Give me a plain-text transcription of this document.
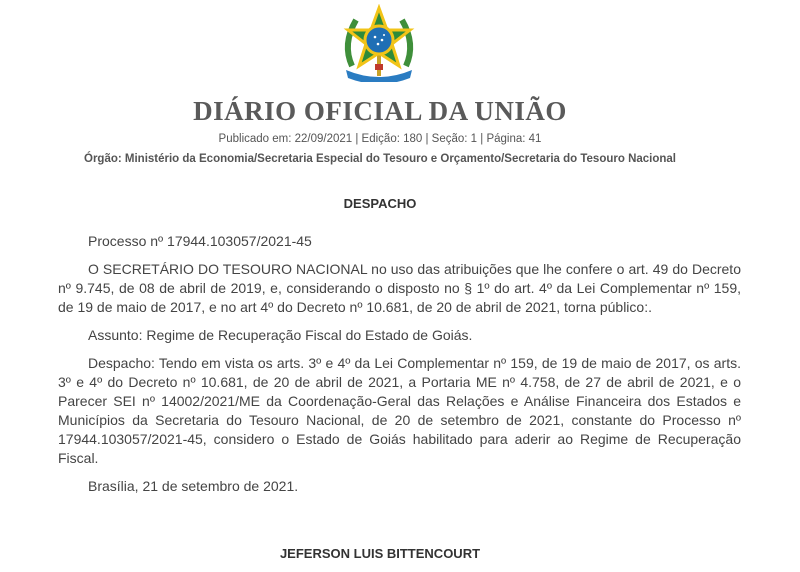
DIÁRIO OFICIAL DA UNIÃO
Publicado em: 22/09/2021 | Edição: 180 | Seção: 1 | Página: 41
Órgão: Ministério da Economia/Secretaria Especial do Tesouro e Orçamento/Secretaria do Tesouro Nacional
DESPACHO

Processo nº 17944.103057/2021-45

O SECRETÁRIO DO TESOURO NACIONAL no uso das atribuições que lhe confere o art. 49 do Decreto nº 9.745, de 08 de abril de 2019, e, considerando o disposto no § 1º do art. 4º da Lei Complementar nº 159, de 19 de maio de 2017, e no art 4º do Decreto nº 10.681, de 20 de abril de 2021, torna público:.

Assunto: Regime de Recuperação Fiscal do Estado de Goiás.

Despacho: Tendo em vista os arts. 3º e 4º da Lei Complementar nº 159, de 19 de maio de 2017, os arts. 3º e 4º do Decreto nº 10.681, de 20 de abril de 2021, a Portaria ME nº 4.758, de 27 de abril de 2021, e o Parecer SEI nº 14002/2021/ME da Coordenação-Geral das Relações e Análise Financeira dos Estados e Municípios da Secretaria do Tesouro Nacional, de 20 de setembro de 2021, constante do Processo nº 17944.103057/2021-45, considero o Estado de Goiás habilitado para aderir ao Regime de Recuperação Fiscal.

Brasília, 21 de setembro de 2021.

JEFERSON LUIS BITTENCOURT
